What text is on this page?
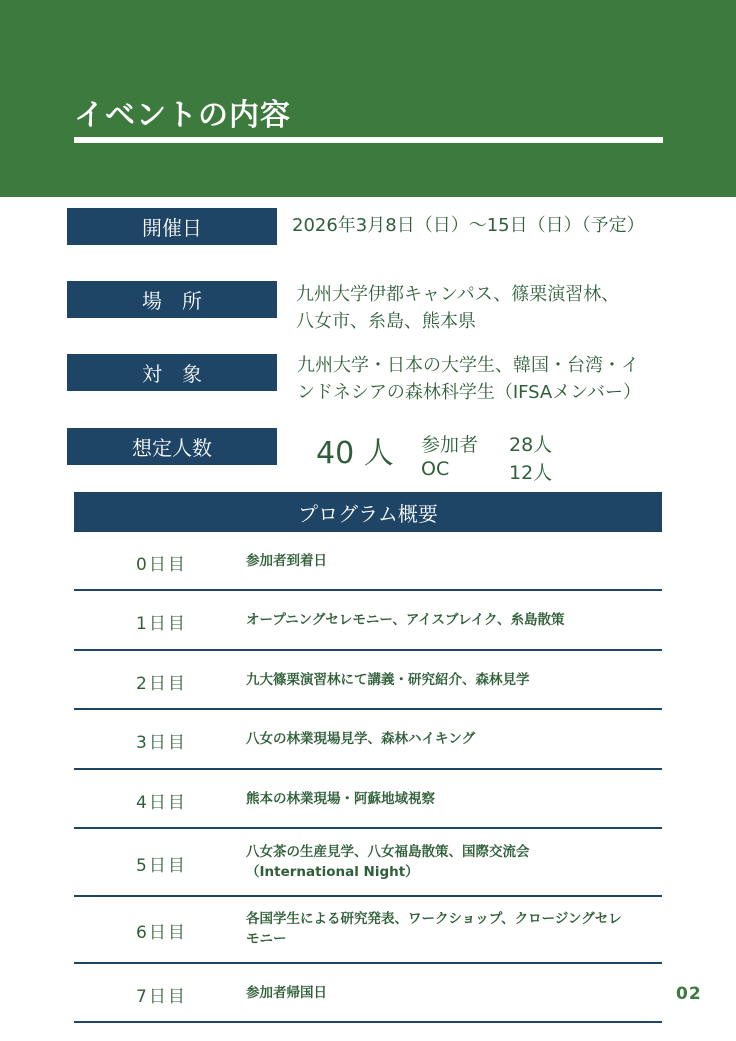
イベントの内容
開催日	2026年3月8日（日）〜15日（日）（予定）
場　所	九州大学伊都キャンパス、篠栗演習林、
八女市、糸島、熊本県
対　象	九州大学・日本の大学生、韓国・台湾・イ
ンドネシアの森林科学生（IFSAメンバー）
想定人数	40 人 参加者 28人
OC	12人
プログラム概要
0日目	参加者到着日
1日目	オープニングセレモニー、アイスブレイク、糸島散策
2日目	九大篠栗演習林にて講義・研究紹介、森林見学
3日目	八女の林業現場見学、森林ハイキング
4日目	熊本の林業現場・阿蘇地域視察
5日目
八女茶の生産見学、八女福島散策、国際交流会
（International Night）
6日目
各国学生による研究発表、ワークショップ、クロージングセレ
モニー
7日目	参加者帰国日	02
